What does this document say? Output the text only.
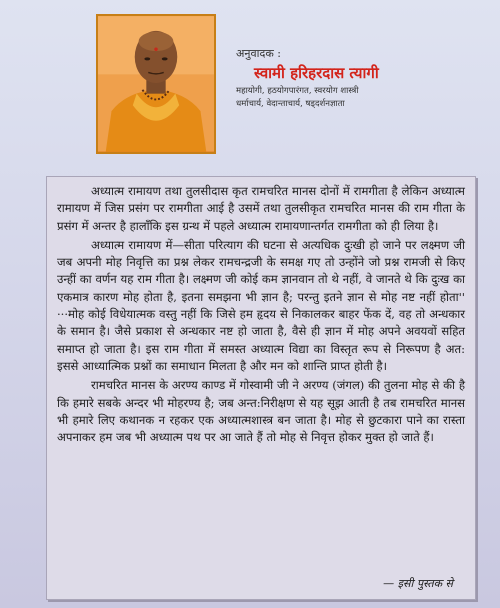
अनुवादक :
स्वामी हरिहरदास त्यागी
महायोगी, हठयोगपारंगत, स्वरयोग शास्त्री
धर्माचार्य, वेदान्ताचार्य, षड्दर्शनज्ञाता

अध्यात्म रामायण तथा तुलसीदास कृत रामचरित मानस दोनों में रामगीता है लेकिन अध्यात्म रामायण में जिस प्रसंग पर रामगीता आई है उसमें तथा तुलसीकृत रामचरित मानस की राम गीता के प्रसंग में अन्तर है हालाँकि इस ग्रन्थ में पहले अध्यात्म रामायणान्तर्गत रामगीता को ही लिया है।

अध्यात्म रामायण में—सीता परित्याग की घटना से अत्यधिक दुःखी हो जाने पर लक्ष्मण जी जब अपनी मोह निवृत्ति का प्रश्न लेकर रामचन्द्रजी के समक्ष गए तो उन्होंने जो प्रश्न रामजी से किए उन्हीं का वर्णन यह राम गीता है। लक्ष्मण जी कोई कम ज्ञानवान तो थे नहीं, वे जानते थे कि दुःख का एकमात्र कारण मोह होता है, इतना समझना भी ज्ञान है; परन्तु इतने ज्ञान से मोह नष्ट नहीं होता'' ···मोह कोई विधेयात्मक वस्तु नहीं कि जिसे हम हृदय से निकालकर बाहर फेंक दें, वह तो अन्धकार के समान है। जैसे प्रकाश से अन्धकार नष्ट हो जाता है, वैसे ही ज्ञान में मोह अपने अवयवों सहित समाप्त हो जाता है। इस राम गीता में समस्त अध्यात्म विद्या का विस्तृत रूप से निरूपण है अत: इससे आध्यात्मिक प्रश्नों का समाधान मिलता है और मन को शान्ति प्राप्त होती है।

रामचरित मानस के अरण्य काण्ड में गोस्वामी जी ने अरण्य (जंगल) की तुलना मोह से की है कि हमारे सबके अन्दर भी मोहरण्य है; जब अन्त:निरीक्षण से यह सूझ आती है तब रामचरित मानस भी हमारे लिए कथानक न रहकर एक अध्यात्मशास्त्र बन जाता है। मोह से छुटकारा पाने का रास्ता अपनाकर हम जब भी अध्यात्म पथ पर आ जाते हैं तो मोह से निवृत्त होकर मुक्त हो जाते हैं।

— इसी पुस्तक से
